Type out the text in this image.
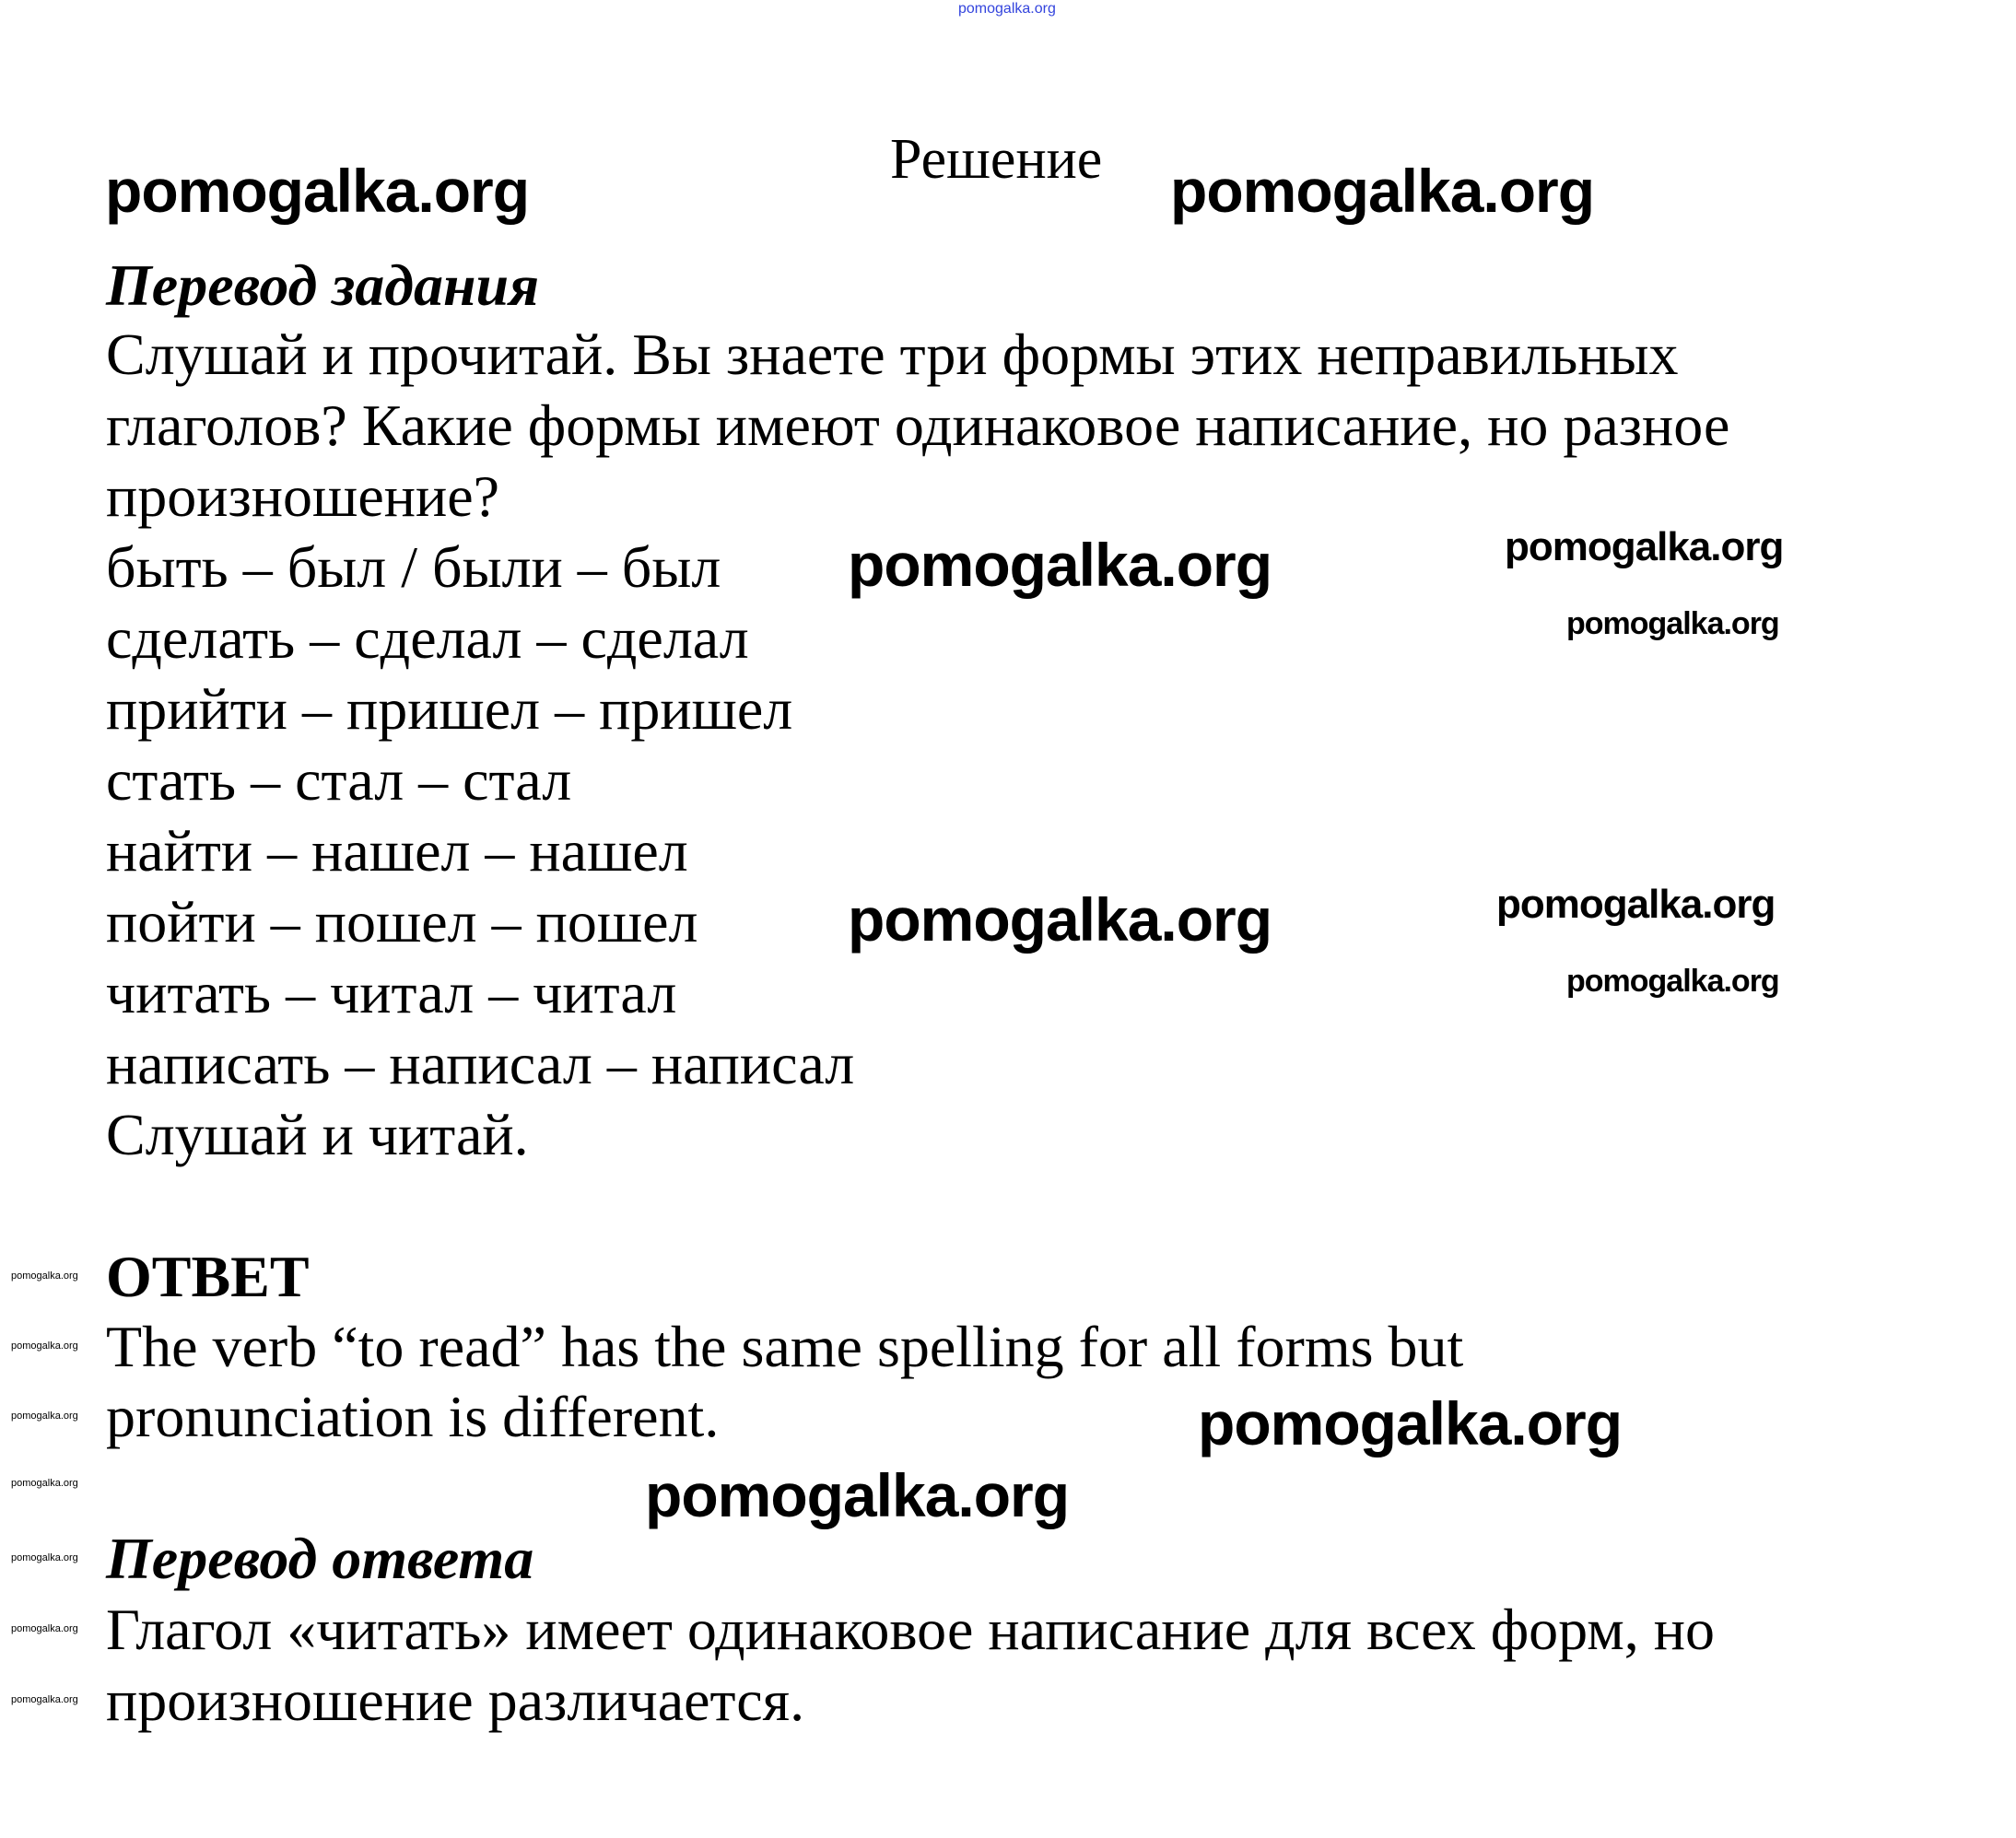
pomogalka.org
Решение
pomogalka.org	pomogalka.org
Перевод задания
Слушай и прочитай. Вы знаете три формы этих неправильных
глаголов? Какие формы имеют одинаковое написание, но разное
произношение?
быть – был / были – был
сделать – сделал – сделал
прийти – пришел – пришел
стать – стал – стал
найти – нашел – нашел
пойти – пошел – пошел
читать – читал – читал
написать – написал – написал
Слушай и читай.
pomogalka.org	pomogalka.org
pomogalka.org
pomogalka.org	pomogalka.org
pomogalka.org
pomogalka.org ОТВЕТ
pomogalka.org The verb “to read” has the same spelling for all forms but
pomogalka.org pronunciation is different.	pomogalka.org
pomogalka.org	pomogalka.org
pomogalka.org Перевод ответа
pomogalka.org Глагол «читать» имеет одинаковое написание для всех форм, но
pomogalka.org произношение различается.
